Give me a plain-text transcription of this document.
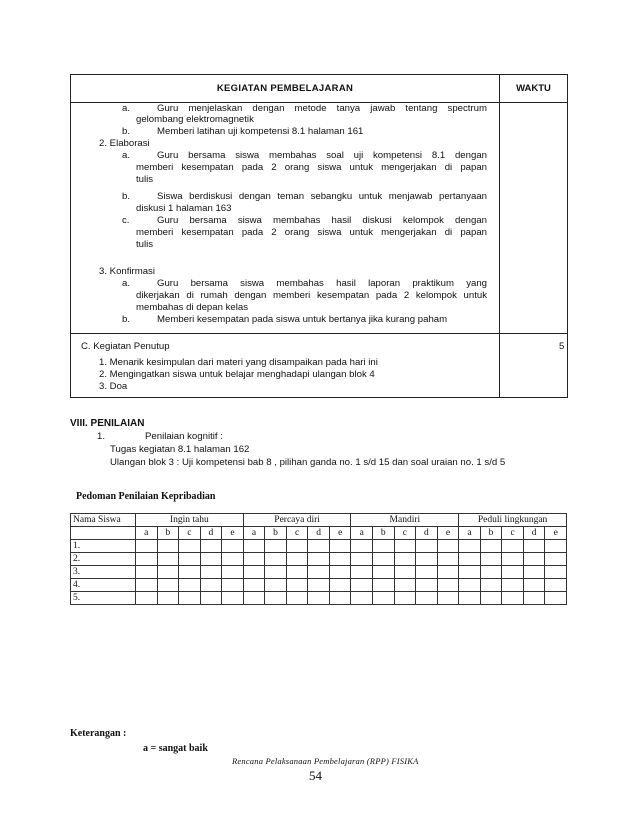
KEGIATAN PEMBELAJARAN	WAKTU
a.	Guru menjelaskan dengan metode tanya jawab tentang spectrum
gelombang elektromagnetik
b.	Memberi latihan uji kompetensi 8.1 halaman 161
2. Elaborasi
a.	Guru bersama siswa membahas soal uji kompetensi 8.1 dengan
memberi kesempatan pada 2 orang siswa untuk mengerjakan di papan
tulis
b.	Siswa berdiskusi dengan teman sebangku untuk menjawab pertanyaan
diskusi 1 halaman 163
c.	Guru bersama siswa membahas hasil diskusi kelompok dengan
memberi kesempatan pada 2 orang siswa untuk mengerjakan di papan
tulis
3. Konfirmasi
a.	Guru bersama siswa membahas hasil laporan praktikum yang
dikerjakan di rumah dengan memberi kesempatan pada 2 kelompok untuk
membahas di depan kelas
b.	Memberi kesempatan pada siswa untuk bertanya jika kurang paham
C. Kegiatan Penutup	5
1. Menarik kesimpulan dari materi yang disampaikan pada hari ini
2. Mengingatkan siswa untuk belajar menghadapi ulangan blok 4
3. Doa
VIII. PENILAIAN
1.	Penilaian kognitif :
Tugas kegiatan 8.1 halaman 162
Ulangan blok 3 : Uji kompetensi bab 8 , pilihan ganda no. 1 s/d 15 dan soal uraian no. 1 s/d 5
Pedoman Penilaian Kepribadian
Nama Siswa	Ingin tahu					Percaya diri					Mandiri					Peduli lingkungan				
	a	b	c	d	e	a	b	c	d	e	a	b	c	d	e	a	b	c	d	e
1.																				
2.																				
3.																				
4.																				
5.																				
Keterangan :
a = sangat baik
Rencana Pelaksanaan Pembelajaran (RPP) FISIKA
54
